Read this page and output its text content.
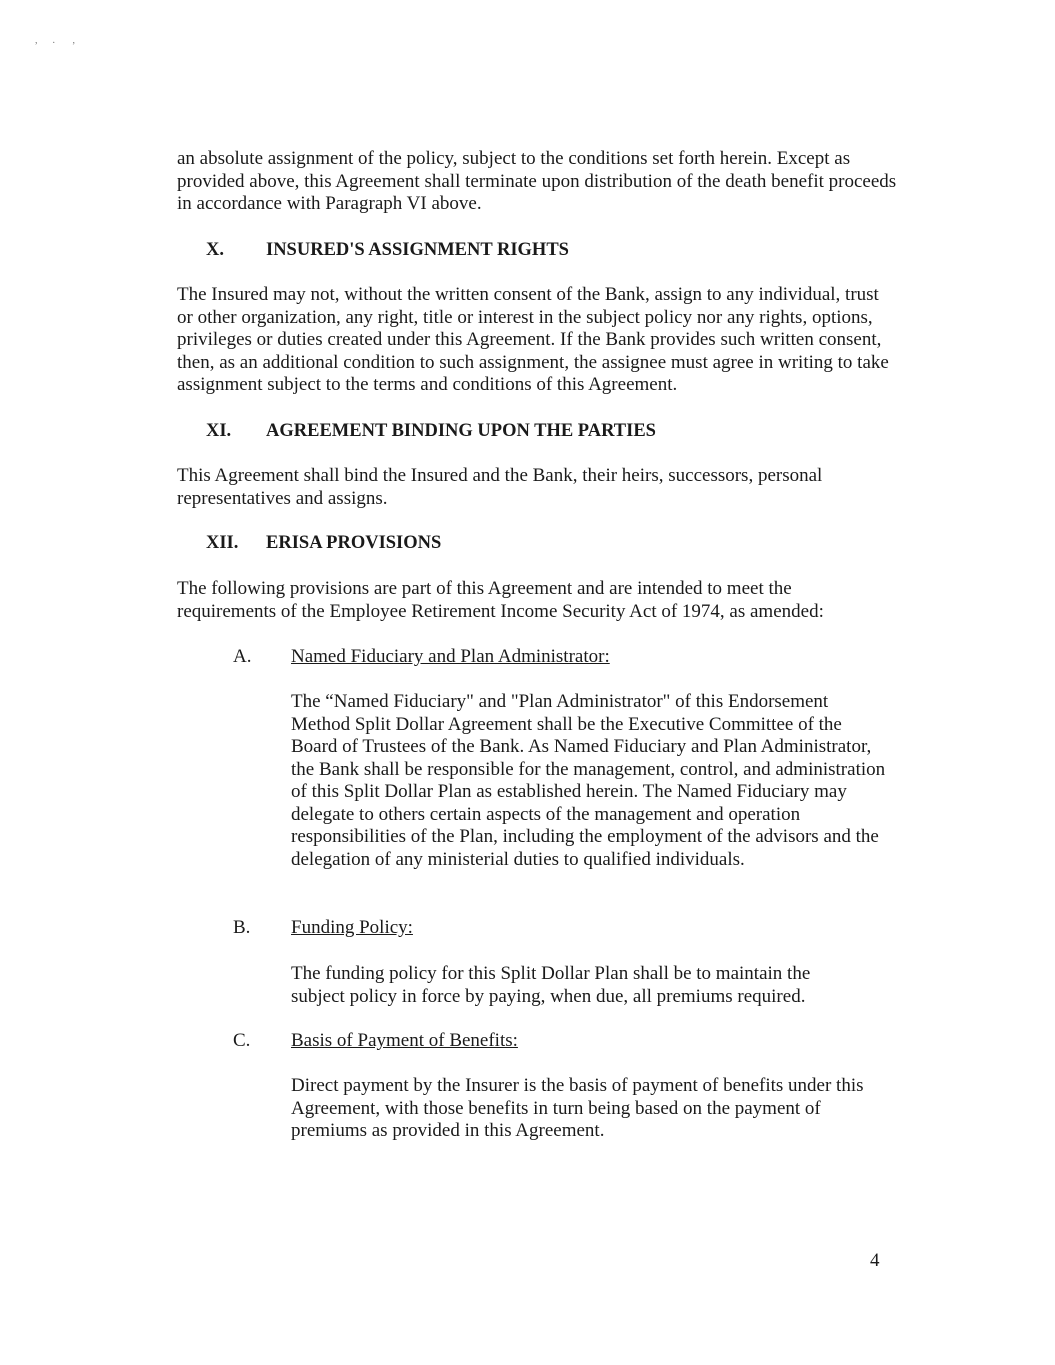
,      .       ,

an absolute assignment of the policy, subject to the conditions set forth herein. Except as provided above, this Agreement shall terminate upon distribution of the death benefit proceeds in accordance with Paragraph VI above.

X. INSURED'S ASSIGNMENT RIGHTS

The Insured may not, without the written consent of the Bank, assign to any individual, trust or other organization, any right, title or interest in the subject policy nor any rights, options, privileges or duties created under this Agreement. If the Bank provides such written consent, then, as an additional condition to such assignment, the assignee must agree in writing to take assignment subject to the terms and conditions of this Agreement.

XI. AGREEMENT BINDING UPON THE PARTIES

This Agreement shall bind the Insured and the Bank, their heirs, successors, personal representatives and assigns.

XII. ERISA PROVISIONS

The following provisions are part of this Agreement and are intended to meet the requirements of the Employee Retirement Income Security Act of 1974, as amended:

A. Named Fiduciary and Plan Administrator:

The “Named Fiduciary" and "Plan Administrator" of this Endorsement Method Split Dollar Agreement shall be the Executive Committee of the Board of Trustees of the Bank. As Named Fiduciary and Plan Administrator, the Bank shall be responsible for the management, control, and administration of this Split Dollar Plan as established herein. The Named Fiduciary may delegate to others certain aspects of the management and operation responsibilities of the Plan, including the employment of the advisors and the delegation of any ministerial duties to qualified individuals.

B. Funding Policy:

The funding policy for this Split Dollar Plan shall be to maintain the subject policy in force by paying, when due, all premiums required.

C. Basis of Payment of Benefits:

Direct payment by the Insurer is the basis of payment of benefits under this Agreement, with those benefits in turn being based on the payment of premiums as provided in this Agreement.

4
